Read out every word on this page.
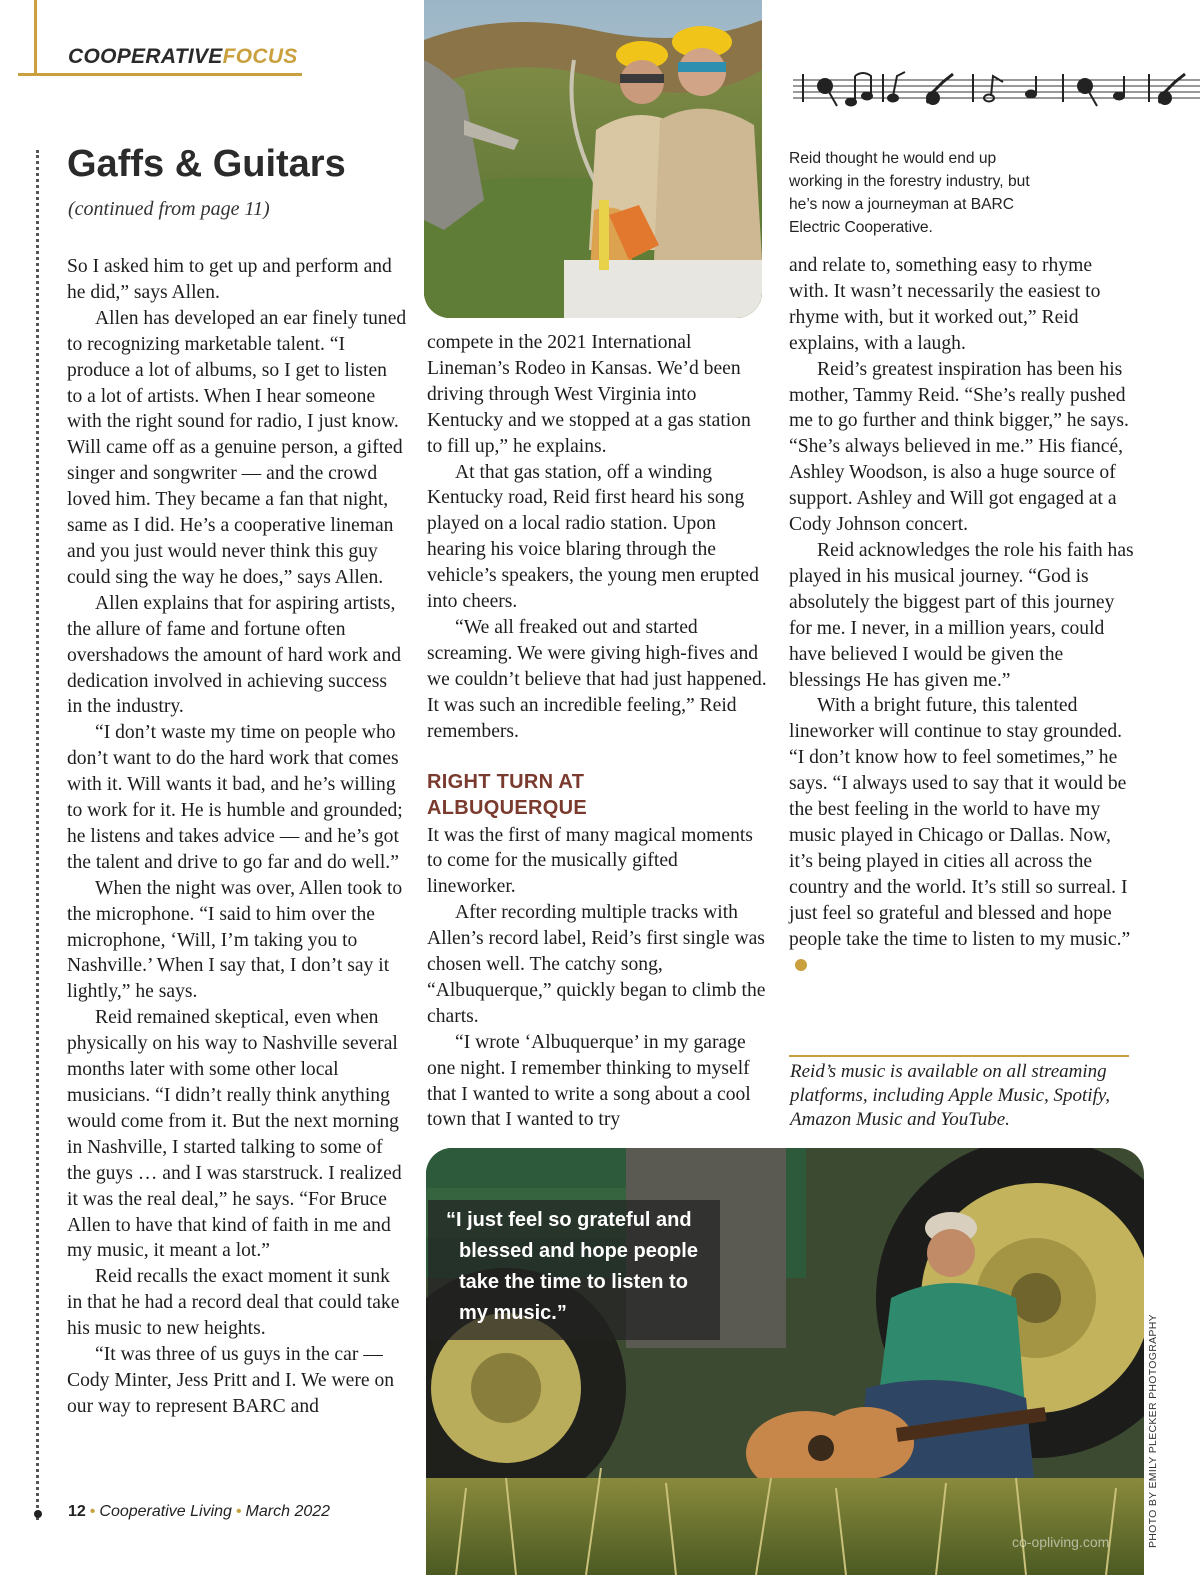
COOPERATIVEFOCUS
Gaffs & Guitars
(continued from page 11)

So I asked him to get up and perform and he did,” says Allen.

Allen has developed an ear finely tuned to recognizing marketable talent. “I produce a lot of albums, so I get to listen to a lot of artists. When I hear someone with the right sound for radio, I just know. Will came off as a genuine person, a gifted singer and songwriter — and the crowd loved him. They became a fan that night, same as I did. He’s a cooperative lineman and you just would never think this guy could sing the way he does,” says Allen.

Allen explains that for aspiring artists, the allure of fame and fortune often overshadows the amount of hard work and dedication involved in achieving success in the industry.

“I don’t waste my time on people who don’t want to do the hard work that comes with it. Will wants it bad, and he’s willing to work for it. He is humble and grounded; he listens and takes advice — and he’s got the talent and drive to go far and do well.”

When the night was over, Allen took to the microphone. “I said to him over the microphone, ‘Will, I’m taking you to Nashville.’ When I say that, I don’t say it lightly,” he says.

Reid remained skeptical, even when physically on his way to Nashville several months later with some other local musicians. “I didn’t really think anything would come from it. But the next morning in Nashville, I started talking to some of the guys … and I was starstruck. I realized it was the real deal,” he says. “For Bruce Allen to have that kind of faith in me and my music, it meant a lot.”

Reid recalls the exact moment it sunk in that he had a record deal that could take his music to new heights.

“It was three of us guys in the car — Cody Minter, Jess Pritt and I. We were on our way to represent BARC and

compete in the 2021 International Lineman’s Rodeo in Kansas. We’d been driving through West Virginia into Kentucky and we stopped at a gas station to fill up,” he explains.

At that gas station, off a winding Kentucky road, Reid first heard his song played on a local radio station. Upon hearing his voice blaring through the vehicle’s speakers, the young men erupted into cheers.

“We all freaked out and started screaming. We were giving high-fives and we couldn’t believe that had just happened. It was such an incredible feeling,” Reid remembers.

RIGHT TURN AT
ALBUQUERQUE

It was the first of many magical moments to come for the musically gifted lineworker.

After recording multiple tracks with Allen’s record label, Reid’s first single was chosen well. The catchy song, “Albuquerque,” quickly began to climb the charts.

“I wrote ‘Albuquerque’ in my garage one night. I remember thinking to myself that I wanted to write a song about a cool town that I wanted to try

Reid thought he would end up working in the forestry industry, but he’s now a journeyman at BARC Electric Cooperative.

and relate to, something easy to rhyme with. It wasn’t necessarily the easiest to rhyme with, but it worked out,” Reid explains, with a laugh.

Reid’s greatest inspiration has been his mother, Tammy Reid. “She’s really pushed me to go further and think bigger,” he says. “She’s always believed in me.” His fiancé, Ashley Woodson, is also a huge source of support. Ashley and Will got engaged at a Cody Johnson concert.

Reid acknowledges the role his faith has played in his musical journey. “God is absolutely the biggest part of this journey for me. I never, in a million years, could have believed I would be given the blessings He has given me.”

With a bright future, this talented lineworker will continue to stay grounded. “I don’t know how to feel sometimes,” he says. “I always used to say that it would be the best feeling in the world to have my music played in Chicago or Dallas. Now, it’s being played in cities all across the country and the world. It’s still so surreal. I just feel so grateful and blessed and hope people take the time to listen to my music.”

Reid’s music is available on all streaming platforms, including Apple Music, Spotify, Amazon Music and YouTube.
“I just feel so grateful and blessed and hope people take the time to listen to my music.”
co-opliving.com	PHOTO BY EMILY PLECKER PHOTOGRAPHY
12 • Cooperative Living • March 2022
